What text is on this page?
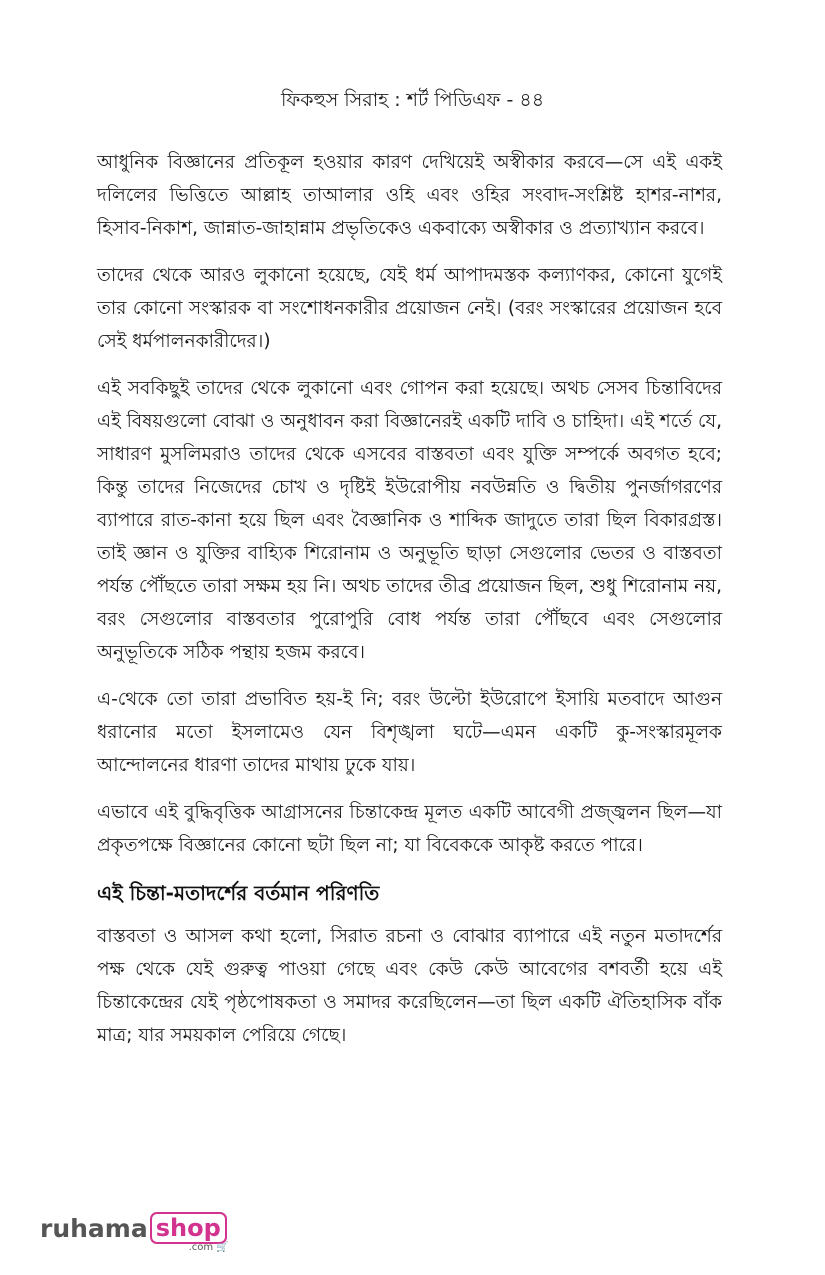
ফিকহুস সিরাহ : শর্ট পিডিএফ - ৪৪

আধুনিক বিজ্ঞানের প্রতিকূল হওয়ার কারণ দেখিয়েই অস্বীকার করবে—সে এই একই দলিলের ভিত্তিতে আল্লাহ তাআলার ওহি এবং ওহির সংবাদ-সংশ্লিষ্ট হাশর-নাশর, হিসাব-নিকাশ, জান্নাত-জাহান্নাম প্রভৃতিকেও একবাক্যে অস্বীকার ও প্রত্যাখ্যান করবে।

তাদের থেকে আরও লুকানো হয়েছে, যেই ধর্ম আপাদমস্তক কল্যাণকর, কোনো যুগেই তার কোনো সংস্কারক বা সংশোধনকারীর প্রয়োজন নেই। (বরং সংস্কারের প্রয়োজন হবে সেই ধর্মপালনকারীদের।)

এই সবকিছুই তাদের থেকে লুকানো এবং গোপন করা হয়েছে। অথচ সেসব চিন্তাবিদের এই বিষয়গুলো বোঝা ও অনুধাবন করা বিজ্ঞানেরই একটি দাবি ও চাহিদা। এই শর্তে যে, সাধারণ মুসলিমরাও তাদের থেকে এসবের বাস্তবতা এবং যুক্তি সম্পর্কে অবগত হবে; কিন্তু তাদের নিজেদের চোখ ও দৃষ্টিই ইউরোপীয় নবউন্নতি ও দ্বিতীয় পুনর্জাগরণের ব্যাপারে রাত-কানা হয়ে ছিল এবং বৈজ্ঞানিক ও শাব্দিক জাদুতে তারা ছিল বিকারগ্রস্ত। তাই জ্ঞান ও যুক্তির বাহ্যিক শিরোনাম ও অনুভূতি ছাড়া সেগুলোর ভেতর ও বাস্তবতা পর্যন্ত পৌঁছতে তারা সক্ষম হয় নি। অথচ তাদের তীব্র প্রয়োজন ছিল, শুধু শিরোনাম নয়, বরং সেগুলোর বাস্তবতার পুরোপুরি বোধ পর্যন্ত তারা পৌঁছবে এবং সেগুলোর অনুভূতিকে সঠিক পন্থায় হজম করবে।

এ-থেকে তো তারা প্রভাবিত হয়-ই নি; বরং উল্টো ইউরোপে ইসায়ি মতবাদে আগুন ধরানোর মতো ইসলামেও যেন বিশৃঙ্খলা ঘটে—এমন একটি কু-সংস্কারমূলক আন্দোলনের ধারণা তাদের মাথায় ঢুকে যায়।

এভাবে এই বুদ্ধিবৃত্তিক আগ্রাসনের চিন্তাকেন্দ্র মূলত একটি আবেগী প্রজ্জ্বলন ছিল—যা প্রকৃতপক্ষে বিজ্ঞানের কোনো ছটা ছিল না; যা বিবেককে আকৃষ্ট করতে পারে।

এই চিন্তা-মতাদর্শের বর্তমান পরিণতি

বাস্তবতা ও আসল কথা হলো, সিরাত রচনা ও বোঝার ব্যাপারে এই নতুন মতাদর্শের পক্ষ থেকে যেই গুরুত্ব পাওয়া গেছে এবং কেউ কেউ আবেগের বশবর্তী হয়ে এই চিন্তাকেন্দ্রের যেই পৃষ্ঠপোষকতা ও সমাদর করেছিলেন—তা ছিল একটি ঐতিহাসিক বাঁক মাত্র; যার সময়কাল পেরিয়ে গেছে।

ruhama shop
.com 🛒
